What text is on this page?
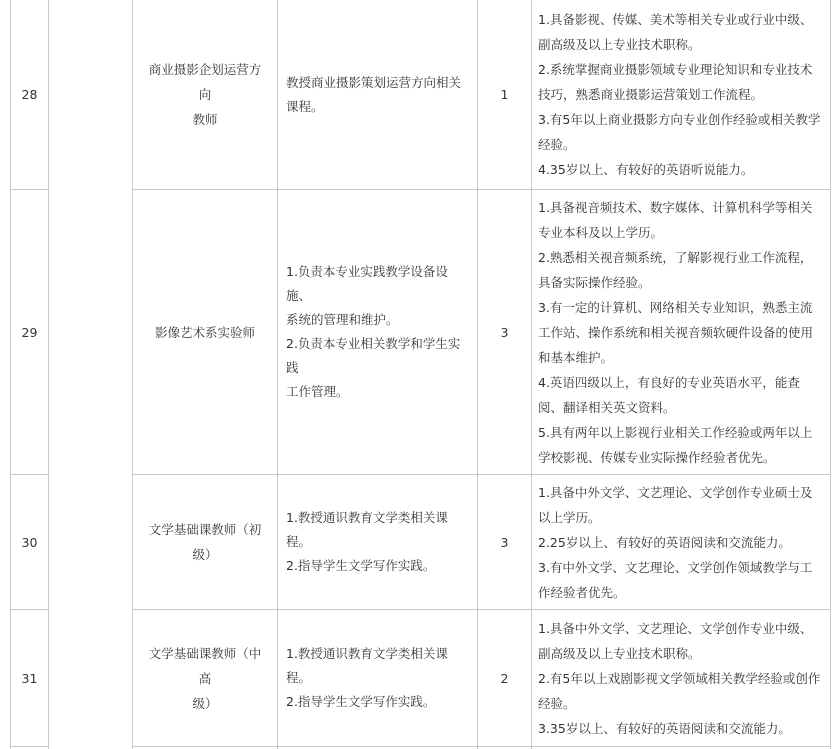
28
商业摄影企划运营方向
教师
教授商业摄影策划运营方向相关
课程。
1
1.具备影视、传媒、美术等相关专业或行业中级、
副高级及以上专业技术职称。
2.系统掌握商业摄影领域专业理论知识和专业技术
技巧，熟悉商业摄影运营策划工作流程。
3.有5年以上商业摄影方向专业创作经验或相关教学
经验。
4.35岁以上、有较好的英语听说能力。
29	影像艺术系实验师
1.负责本专业实践教学设备设施、
系统的管理和维护。
2.负责本专业相关教学和学生实践
工作管理。
3
1.具备视音频技术、数字媒体、计算机科学等相关
专业本科及以上学历。
2.熟悉相关视音频系统，了解影视行业工作流程，
具备实际操作经验。
3.有一定的计算机、网络相关专业知识，熟悉主流
工作站、操作系统和相关视音频软硬件设备的使用
和基本维护。
4.英语四级以上，有良好的专业英语水平，能查
阅、翻译相关英文资料。
5.具有两年以上影视行业相关工作经验或两年以上
学校影视、传媒专业实际操作经验者优先。
30
文学基础课教师（初
级）
1.教授通识教育文学类相关课程。
2.指导学生文学写作实践。
3
1.具备中外文学、文艺理论、文学创作专业硕士及
以上学历。
2.25岁以上、有较好的英语阅读和交流能力。
3.有中外文学、文艺理论、文学创作领域教学与工
作经验者优先。
31
文学基础课教师（中高
级）
1.教授通识教育文学类相关课程。
2.指导学生文学写作实践。
2
1.具备中外文学、文艺理论、文学创作专业中级、
副高级及以上专业技术职称。
2.有5年以上戏剧影视文学领域相关教学经验或创作
经验。
3.35岁以上、有较好的英语阅读和交流能力。
